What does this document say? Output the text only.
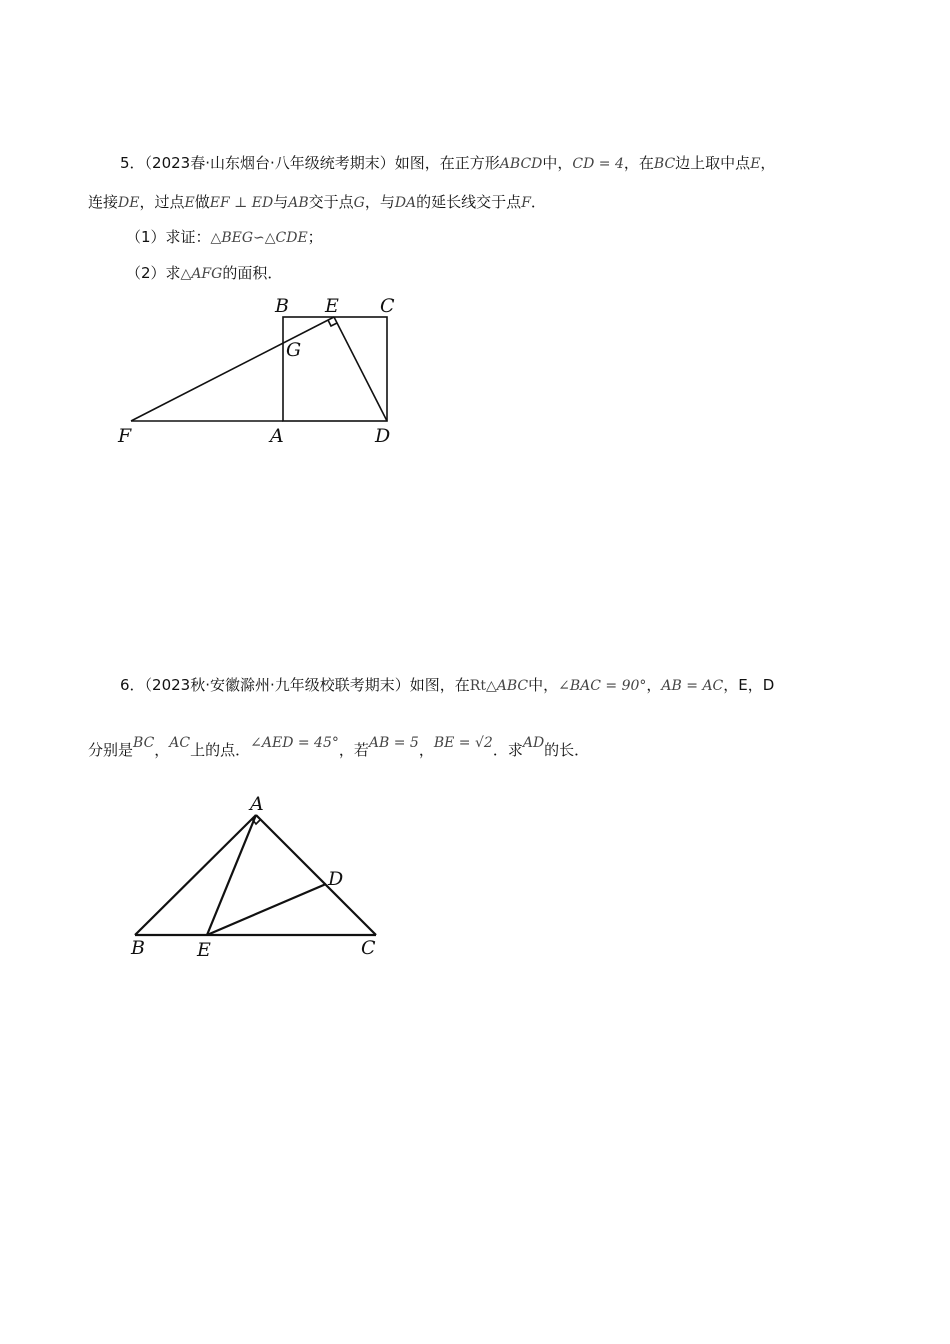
5．（2023春·山东烟台·八年级统考期末）如图，在正方形ABCD中，CD = 4，在BC边上取中点E，
连接DE，过点E做EF ⊥ ED与AB交于点G，与DA的延长线交于点F．
（1）求证：△BEG∽△CDE；
（2）求△AFG的面积．
B E C
G
F	A	D
6．（2023秋·安徽滁州·九年级校联考期末）如图，在Rt△ABC中，∠BAC = 90°，AB = AC，E，D
分别是BC，AC上的点．∠AED = 45°，若AB = 5，BE = √2．求AD的长．
A
D
B	E	C
